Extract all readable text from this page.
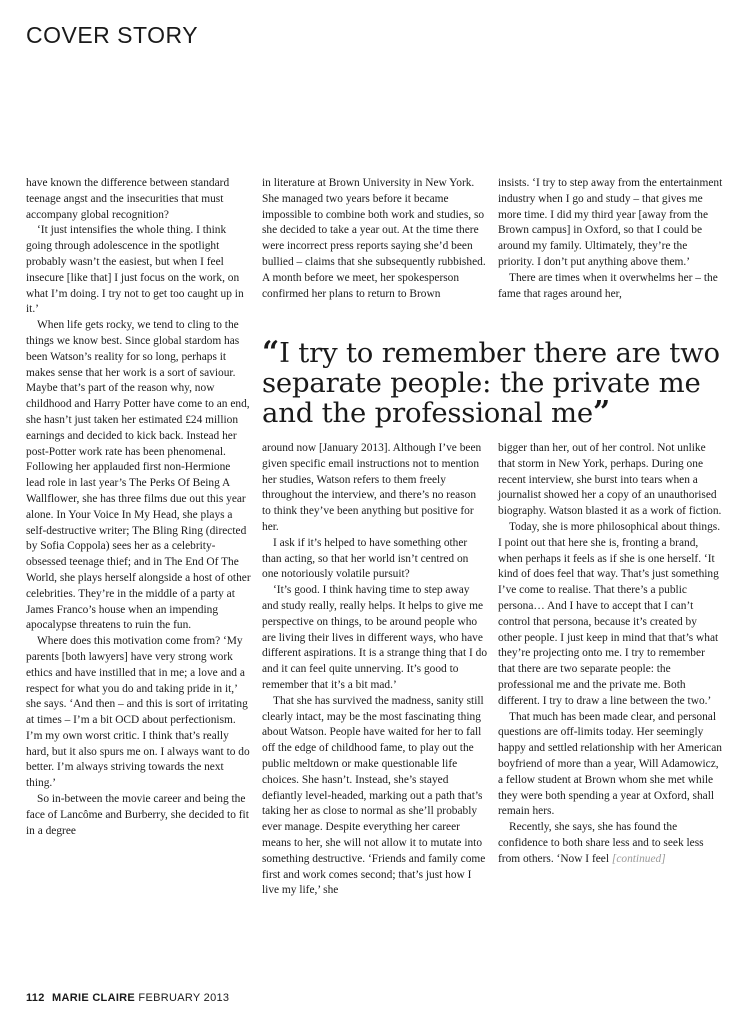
COVER STORY

have known the difference between standard teenage angst and the insecurities that must accompany global recognition?

‘It just intensifies the whole thing. I think going through adolescence in the spotlight probably wasn’t the easiest, but when I feel insecure [like that] I just focus on the work, on what I’m doing. I try not to get too caught up in it.’

When life gets rocky, we tend to cling to the things we know best. Since global stardom has been Watson’s reality for so long, perhaps it makes sense that her work is a sort of saviour. Maybe that’s part of the reason why, now childhood and Harry Potter have come to an end, she hasn’t just taken her estimated £24 million earnings and decided to kick back. Instead her post-Potter work rate has been phenomenal. Following her applauded first non-Hermione lead role in last year’s The Perks Of Being A Wallflower, she has three films due out this year alone. In Your Voice In My Head, she plays a self-destructive writer; The Bling Ring (directed by Sofia Coppola) sees her as a celebrity-obsessed teenage thief; and in The End Of The World, she plays herself alongside a host of other celebrities. They’re in the middle of a party at James Franco’s house when an impending apocalypse threatens to ruin the fun.

Where does this motivation come from? ‘My parents [both lawyers] have very strong work ethics and have instilled that in me; a love and a respect for what you do and taking pride in it,’ she says. ‘And then – and this is sort of irritating at times – I’m a bit OCD about perfectionism. I’m my own worst critic. I think that’s really hard, but it also spurs me on. I always want to do better. I’m always striving towards the next thing.’

So in-between the movie career and being the face of Lancôme and Burberry, she decided to fit in a degree

in literature at Brown University in New York. She managed two years before it became impossible to combine both work and studies, so she decided to take a year out. At the time there were incorrect press reports saying she’d been bullied – claims that she subsequently rubbished. A month before we meet, her spokesperson confirmed her plans to return to Brown

insists. ‘I try to step away from the entertainment industry when I go and study – that gives me more time. I did my third year [away from the Brown campus] in Oxford, so that I could be around my family. Ultimately, they’re the priority. I don’t put anything above them.’

There are times when it overwhelms her – the fame that rages around her,

“I try to remember there are two separate people: the private me and the professional me”

around now [January 2013]. Although I’ve been given specific email instructions not to mention her studies, Watson refers to them freely throughout the interview, and there’s no reason to think they’ve been anything but positive for her.

I ask if it’s helped to have something other than acting, so that her world isn’t centred on one notoriously volatile pursuit?

‘It’s good. I think having time to step away and study really, really helps. It helps to give me perspective on things, to be around people who are living their lives in different ways, who have different aspirations. It is a strange thing that I do and it can feel quite unnerving. It’s good to remember that it’s a bit mad.’

That she has survived the madness, sanity still clearly intact, may be the most fascinating thing about Watson. People have waited for her to fall off the edge of childhood fame, to play out the public meltdown or make questionable life choices. She hasn’t. Instead, she’s stayed defiantly level-headed, marking out a path that’s taking her as close to normal as she’ll probably ever manage. Despite everything her career means to her, she will not allow it to mutate into something destructive. ‘Friends and family come first and work comes second; that’s just how I live my life,’ she

bigger than her, out of her control. Not unlike that storm in New York, perhaps. During one recent interview, she burst into tears when a journalist showed her a copy of an unauthorised biography. Watson blasted it as a work of fiction.

Today, she is more philosophical about things. I point out that here she is, fronting a brand, when perhaps it feels as if she is one herself. ‘It kind of does feel that way. That’s just something I’ve come to realise. That there’s a public persona… And I have to accept that I can’t control that persona, because it’s created by other people. I just keep in mind that that’s what they’re projecting onto me. I try to remember that there are two separate people: the professional me and the private me. Both different. I try to draw a line between the two.’

That much has been made clear, and personal questions are off-limits today. Her seemingly happy and settled relationship with her American boyfriend of more than a year, Will Adamowicz, a fellow student at Brown whom she met while they were both spending a year at Oxford, shall remain hers.

Recently, she says, she has found the confidence to both share less and to seek less from others. ‘Now I feel [continued]

112 MARIE CLAIRE FEBRUARY 2013
